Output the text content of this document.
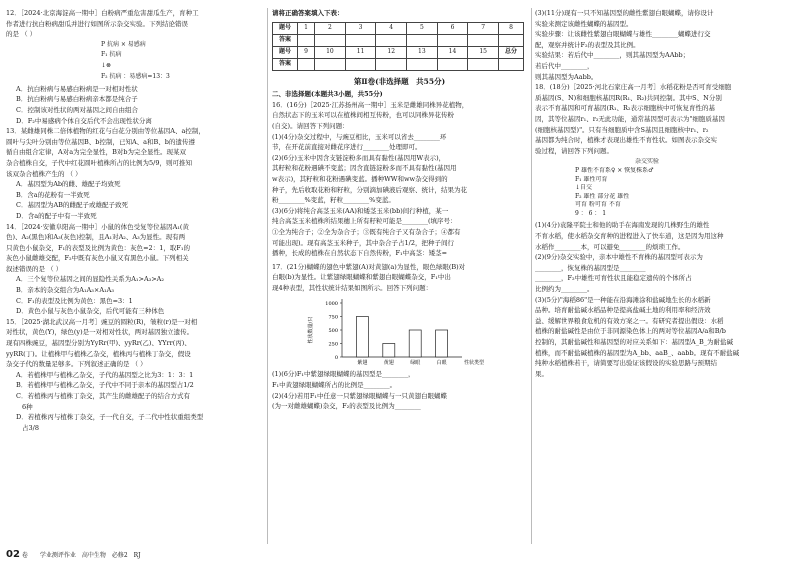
12．［2024·北京海淀高一期中］白粉病严重危害甜瓜生产，育种工
作者进行抗白粉病甜瓜并进行如图所示杂交实验。下列结论错误
的是 （ ）
P 抗病 × 易感病
F₁ 抗病
↓⊗
F₂ 抗病 ：易感病=13：3
A．抗白粉病与易感白粉病是一对相对性状
B．抗白粉病与易感白粉病亲本都是纯合子
C．控制该对性状的两对基因之间自由组合
D．F₂中易感病个体自交后代不会出现性状分离
13．某雌雄同株二倍体植物的红花与白花分别由等位基因A、a控制，
圆叶与尖叶分别由等位基因B、b控制，已知A、a和B、b的遗传遵
循自由组合定律，A对a为完全显性，B对b为完全显性。现某双
杂合植株自交，子代中红花圆叶植株所占的比例为5/9，则可推知
该双杂合植株产生的 （ ）
A．基因型为Ab的雌、雄配子均致死
B．含a的花粉有一半致死
C．基因型为AB的雌配子或雄配子致死
D．含a的配子中有一半致死
14．［2024·安徽阜阳高一期中］小鼠的体色受复等位基因A₁(黄
色)、A₂(黑色)和A₃(灰色)控制，且A₁对A₂、A₃为显性。现有两
只黄色小鼠杂交，F₁的表型及比例为黄色：灰色=2：1，取F₁的
灰色小鼠雌雄交配，F₂中既有灰色小鼠又有黑色小鼠。下列相关
叙述错误的是 （ ）
A．三个复等位基因之间的显隐性关系为A₁>A₃>A₂
B．亲本的杂交组合为A₁A₃×A₁A₃
C．F₁的表型及比例为黄色：黑色=3：1
D．黄色小鼠与灰色小鼠杂交，后代可能有三种体色
15．［2025·湖北武汉高一月考］豌豆的圆粒(R)，皱粒(r)是一对相
对性状，黄色(Y)，绿色(y)是一对相对性状，两对基因独立遗传。
现有四株豌豆，基因型分别为YyRr(甲)、yyRr(乙)、YYrr(丙)、
yyRR(丁)。让植株甲与植株乙杂交，植株丙与植株丁杂交，假设
杂交子代的数量足够多。下列叙述正确的是 （ ）
A．若植株甲与植株乙杂交，子代的基因型之比为3：1：3：1
B．若植株甲与植株乙杂交，子代中不同于亲本的基因型占1/2
C．若植株丙与植株丁杂交，其产生的雌雄配子的结合方式有
6种
D．若植株丙与植株丁杂交，子一代自交，子二代中性状重组类型
占3/8
请将正确答案填入下表：
题号	1	2	3	4	5	6	7	8
答案								
题号	9	10	11	12	13	14	15	总分
答案								
第Ⅱ卷(非选择题　共55分)
二、非选择题(本题共3小题，共55分)
16．(16分)［2025·江苏扬州高一期中］玉米是雌雄同株异花植物，
自然状态下的玉米可以在植株间相互传粉，也可以同株异花传粉
(自交)。请回答下列问题：
(1)(4分)杂交过程中，与豌豆相比，玉米可以省去________环
节，在开花前直接对雌花序进行________处理即可。
(2)(6分)玉米中因含支链淀粉多而具有黏性(基因用W表示)，
其籽粒和花粉遇碘不变蓝；因含直链淀粉多而不具有黏性(基因用
w表示)，其籽粒和花粉遇碘变蓝。播种WW和ww杂交得到的
种子，先后收取花粉和籽粒，分别滴加碘液后观察、统计，结果为花
粉________%变蓝，籽粒________%变蓝。
(3)(6分)将纯合高茎玉米(AA)和矮茎玉米(bb)间行种植，某一
纯合高茎玉米植株所结果穗上所有籽粒可能是________(填序号：
①全为纯合子；②全为杂合子；③既有纯合子又有杂合子；④都有
可能出现)。现有高茎玉米种子，其中杂合子占1/2，把种子间行
播种，长成的植株在自然状态下自然传粉，F₁中高茎：矮茎=
17．(21分)蝴蝶的翅色中紫翅(A)对黄翅(a)为显性，眼色绿眼(B)对
白眼(b)为显性。让紫翅绿眼蝴蝶和紫翅白眼蝴蝶杂交，F₁中出
现4种表型，其性状统计结果如图所示。回答下列问题：
0
250
500
750
1000
性状数量/只
紫翅	黄翅	绿眼	白眼	性状类型
(1)(6分)F₁中紫翅绿眼蝴蝶的基因型是________，
F₁中黄翅绿眼蝴蝶所占的比例是________。
(2)(4分)若用F₁中任意一只紫翅绿眼蝴蝶与一只黄翅白眼蝴蝶
(为一对雌雄蝴蝶)杂交，F₂的表型及比例为________
(3)(11分)现有一只不知基因型的雌性紫翅白眼蝴蝶，请你设计
实验来测定该雌性蝴蝶的基因型。
实验步骤：让该雌性紫翅白眼蝴蝶与雄性________蝴蝶进行交
配，观察并统计F₂的表型及其比例。
实验结果：若后代中________，则其基因型为AAbb；
若后代中________，
则其基因型为Aabb。
18．(18分)［2025·河北石家庄高一月考］水稻花粉是否可育受细胞
质基因(S、N)和细胞核基因R(R₁、R₂)共同控制。其中S、N分别
表示不育基因和可育基因(R₁、R₂表示细胞核中可恢复育性的基
因，其等位基因r₁、r₂无此功能，通常基因型可表示为"细胞质基因
(细胞核基因型)"。只有当细胞质中含S基因且细胞核中r₁、r₂
基因都为纯合时，植株才表现出雄性不育性状。如图表示杂交实
验过程，请回答下列问题。
杂交实验
P 雄性不育系♀ × 恢复株系♂
F₁ 雄性可育
↓自交
F₂ 雄性 部分花 雄性
可育 粉可育 不育
9 ： 6 ： 1
(1)(4分)袁隆平院士和他的助手在海南发现的几株野生的雄性
不育水稻，使水稻杂交育种的进程进入了快车道，这是因为用这种
水稻作________本，可以避免________的烦琐工作。
(2)(9分)杂交实验中，亲本中雄性不育株的基因型可表示为
________，恢复株的基因型是________
________，F₂中雄性可育性状且能稳定遗传的个体所占
比例约为________。
(3)(5分)"海稻86"是一种能在沿海滩涂和盐碱地生长的水稻新
品种。培育耐盐碱水稻品种是提高盐碱土地的利用率和经济效
益、缓解世界粮食危机的有效方案之一。有研究者提出假设：水稻
植株的耐盐碱性是由位于非同源染色体上的两对等位基因A/a和B/b
控制的，其耐盐碱性和基因型的对应关系如下：基因型A_B_为耐盐碱
植株，而不耐盐碱植株的基因型为A_bb、aaB_、aabb。现有不耐盐碱
纯种水稻植株若干，请简要写出验证该假设的实验思路与预期结
果。
02 卷　　学业测评作业　高中生物　必修2　RJ
